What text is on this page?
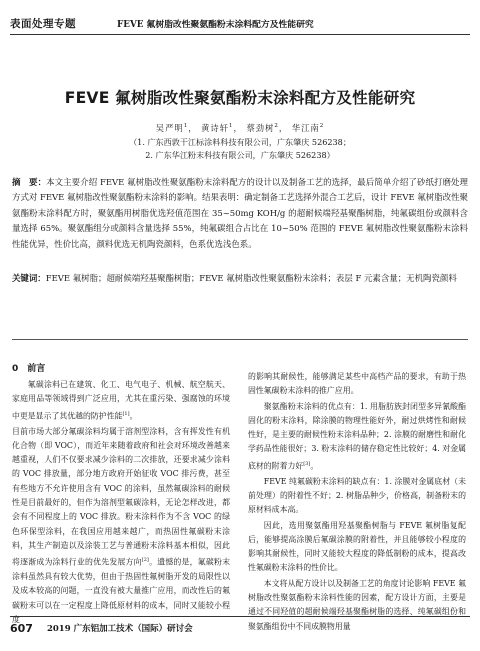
表面处理专题	FEVE 氟树脂改性聚氨酯粉末涂料配方及性能研究
FEVE 氟树脂改性聚氨酯粉末涂料配方及性能研究
吴严明$^1$， 黄诗轩$^1$， 蔡劲树$^2$， 华江南$^2$
（1. 广东西敦干江标涂料科技有限公司，广东肇庆 526238；
2. 广东华江粉末科技有限公司，广东肇庆 526238）
摘　要：本文主要介绍 FEVE 氟树脂改性聚氨酯粉末涂料配方的设计以及制备工艺的选择，最后简单介绍了砂纸打磨处理方式对 FEVE 氟树脂改性聚氨酯粉末涂料的影响。结果表明：确定制备工艺选择外混合工艺后，设计 FEVE 氟树脂改性聚氨酯粉末涂料配方时，聚氨酯用树脂优选羟值范围在 35~50mg KOH/g 的超耐候端羟基聚酯树脂，纯氟碳组份或颜料含量选择 65%。聚氨酯组分或颜料含量选择 55%，纯氟碳组合占比在 10~50% 范围的 FEVE 氟树脂改性聚氨酯粉末涂料性能优异，性价比高，颜料优选无机陶瓷颜料，色系优选浅色系。
关键词：FEVE 氟树脂；超耐候端羟基聚酯树脂；FEVE 氟树脂改性聚氨酯粉末涂料；表层 F 元素含量；无机陶瓷颜料
0　前言

氟碳涂料已在建筑、化工、电气电子、机械、航空航天、家庭用品等领域得到广泛应用，尤其在重污染、强腐蚀的环境中更是显示了其优越的防护性能[1]。

目前市场大部分氟碳涂料均属于溶剂型涂料，含有挥发性有机化合物（即 VOC），而近年来随着政府和社会对环境改善越来越重视，人们不仅要求减少涂料的二次排放，还要求减少涂料的 VOC 排放量，部分地方政府开始征收 VOC 排污费，甚至有些地方不允许使用含有 VOC 的涂料，虽然氟碳涂料的耐候性是目前最好的，但作为溶剂型氟碳涂料，无论怎样改进，都会有不同程度上的 VOC 排放。粉末涂料作为不含 VOC 的绿色环保型涂料，在我国应用越来越广，而热固性氟碳粉末涂料，其生产制造以及涂装工艺与普通粉末涂料基本相似，因此将逐渐成为涂料行业的优先发展方向[2]。遗憾的是，氟碳粉末涂料虽然具有较大优势，但由于热固性氟树脂开发的局限性以及成本较高的问题，一直没有被大量推广应用，而改性后的氟碳粉末可以在一定程度上降低原材料的成本，同时又能较小程度

的影响其耐候性，能够满足某些中高档产品的要求，有助于热固性氟碳粉末涂料的推广应用。

聚氨酯粉末涂料的优点有：1. 用脂肪族封闭型多异氰酸酯固化的粉末涂料，除涂膜的物理性能好外，耐过烘烤性和耐候性好，是主要的耐候性粉末涂料品种；2. 涂膜的耐磨性和耐化学药品性能很好；3. 粉末涂料的储存稳定性比较好；4. 对金属底材的附着力好[3]。

FEVE 纯氟碳粉末涂料的缺点有：1. 涂膜对金属底材（未前处理）的附着性不好；2. 树脂品种少，价格高，制备粉末的原材料成本高。

因此，选用聚氨酯用羟基聚酯树脂与 FEVE 氟树脂复配后，能够提高涂膜后氟碳涂膜的附着性，并且能够较小程度的影响其耐候性，同时又能较大程度的降低制粉的成本，提高改性氟碳粉末涂料的性价比。

本文将从配方设计以及制备工艺的角度讨论影响 FEVE 氟树脂改性聚氨酯粉末涂料性能的因素，配方设计方面，主要是通过不同羟值的超耐候端羟基聚酯树脂的选择、纯氟碳组份和聚氨酯组份中不同成膜物用量

607 2019 广东铝加工技术（国际）研讨会
